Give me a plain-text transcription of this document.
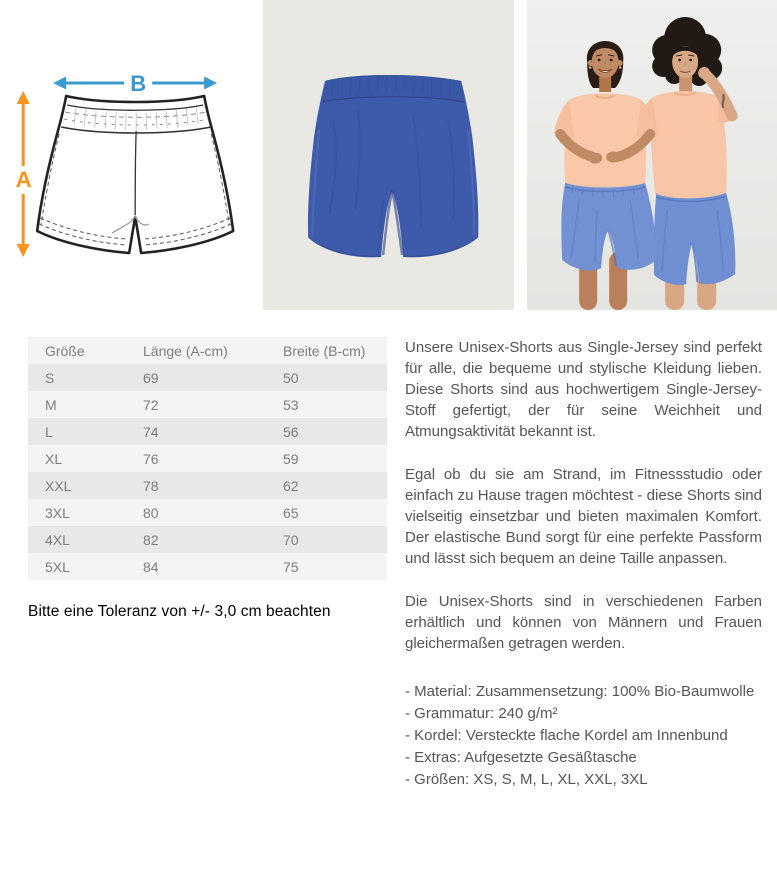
B
A
Größe	Länge (A-cm)	Breite (B-cm)
S	69	50
M	72	53
L	74	56
XL	76	59
XXL	78	62
3XL	80	65
4XL	82	70
5XL	84	75
Bitte eine Toleranz von +/- 3,0 cm beachten

Unsere Unisex-Shorts aus Single-Jersey sind perfekt für alle, die bequeme und stylische Kleidung lieben. Diese Shorts sind aus hochwertigem Single-Jersey-Stoff gefertigt, der für seine Weichheit und Atmungsaktivität bekannt ist.

Egal ob du sie am Strand, im Fitnessstudio oder einfach zu Hause tragen möchtest - diese Shorts sind vielseitig einsetzbar und bieten maximalen Komfort. Der elastische Bund sorgt für eine perfekte Passform und lässt sich bequem an deine Taille anpassen.

Die Unisex-Shorts sind in verschiedenen Farben erhältlich und können von Männern und Frauen gleichermaßen getragen werden.

- Material: Zusammensetzung: 100% Bio-Baumwolle
- Grammatur: 240 g/m²
- Kordel: Versteckte flache Kordel am Innenbund
- Extras: Aufgesetzte Gesäßtasche
- Größen: XS, S, M, L, XL, XXL, 3XL
